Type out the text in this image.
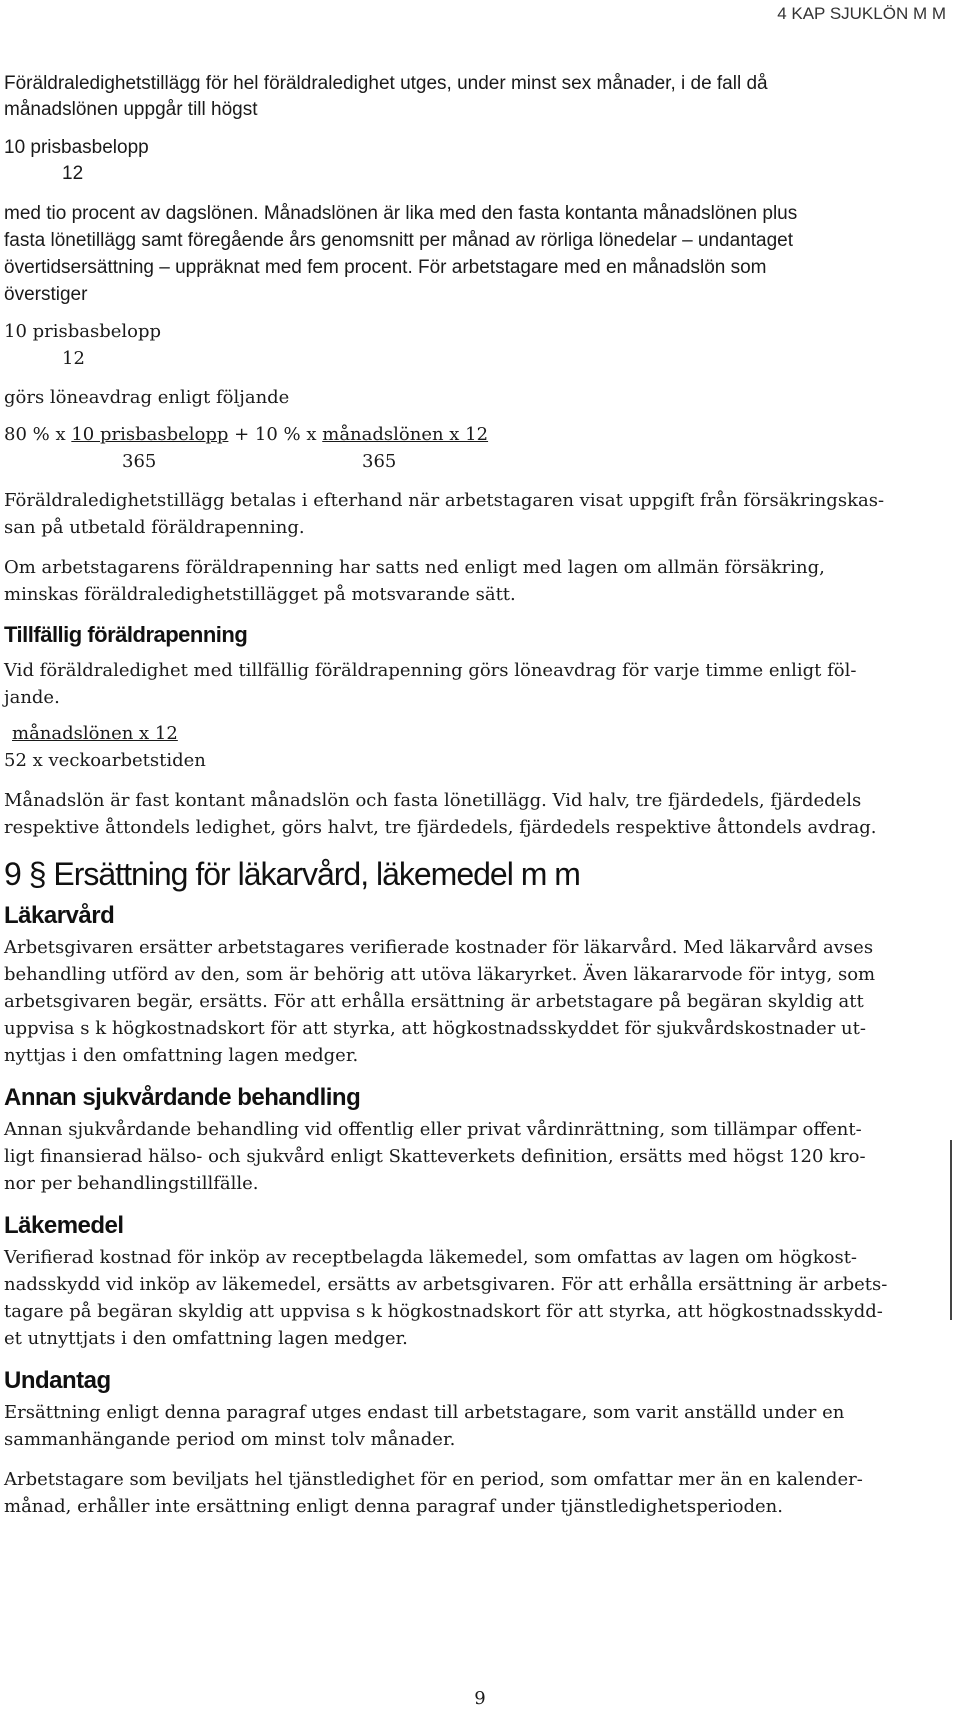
4 KAP SJUKLÖN M M
Föräldraledighetstillägg för hel föräldraledighet utges, under minst sex månader, i de fall då
månadslönen uppgår till högst
10 prisbasbelopp
12
med tio procent av dagslönen. Månadslönen är lika med den fasta kontanta månadslönen plus
fasta lönetillägg samt föregående års genomsnitt per månad av rörliga lönedelar – undantaget
övertidsersättning – uppräknat med fem procent. För arbetstagare med en månadslön som
överstiger
10 prisbasbelopp
12
görs löneavdrag enligt följande
80 % x 10 prisbasbelopp + 10 % x månadslönen x 12
365	365
Föräldraledighetstillägg betalas i efterhand när arbetstagaren visat uppgift från försäkringskas-
san på utbetald föräldrapenning.
Om arbetstagarens föräldrapenning har satts ned enligt med lagen om allmän försäkring,
minskas föräldraledighetstillägget på motsvarande sätt.
Tillfällig föräldrapenning
Vid föräldraledighet med tillfällig föräldrapenning görs löneavdrag för varje timme enligt föl-
jande.
månadslönen x 12
52 x veckoarbetstiden
Månadslön är fast kontant månadslön och fasta lönetillägg. Vid halv, tre fjärdedels, fjärdedels
respektive åttondels ledighet, görs halvt, tre fjärdedels, fjärdedels respektive åttondels avdrag.
9 § Ersättning för läkarvård, läkemedel m m
Läkarvård
Arbetsgivaren ersätter arbetstagares verifierade kostnader för läkarvård. Med läkarvård avses
behandling utförd av den, som är behörig att utöva läkaryrket. Även läkararvode för intyg, som
arbetsgivaren begär, ersätts. För att erhålla ersättning är arbetstagare på begäran skyldig att
uppvisa s k högkostnadskort för att styrka, att högkostnadsskyddet för sjukvårdskostnader ut-
nyttjas i den omfattning lagen medger.
Annan sjukvårdande behandling
Annan sjukvårdande behandling vid offentlig eller privat vårdinrättning, som tillämpar offent-
ligt finansierad hälso- och sjukvård enligt Skatteverkets definition, ersätts med högst 120 kro-
nor per behandlingstillfälle.
Läkemedel
Verifierad kostnad för inköp av receptbelagda läkemedel, som omfattas av lagen om högkost-
nadsskydd vid inköp av läkemedel, ersätts av arbetsgivaren. För att erhålla ersättning är arbets-
tagare på begäran skyldig att uppvisa s k högkostnadskort för att styrka, att högkostnadsskydd-
et utnyttjats i den omfattning lagen medger.
Undantag
Ersättning enligt denna paragraf utges endast till arbetstagare, som varit anställd under en
sammanhängande period om minst tolv månader.
Arbetstagare som beviljats hel tjänstledighet för en period, som omfattar mer än en kalender-
månad, erhåller inte ersättning enligt denna paragraf under tjänstledighetsperioden.
9
